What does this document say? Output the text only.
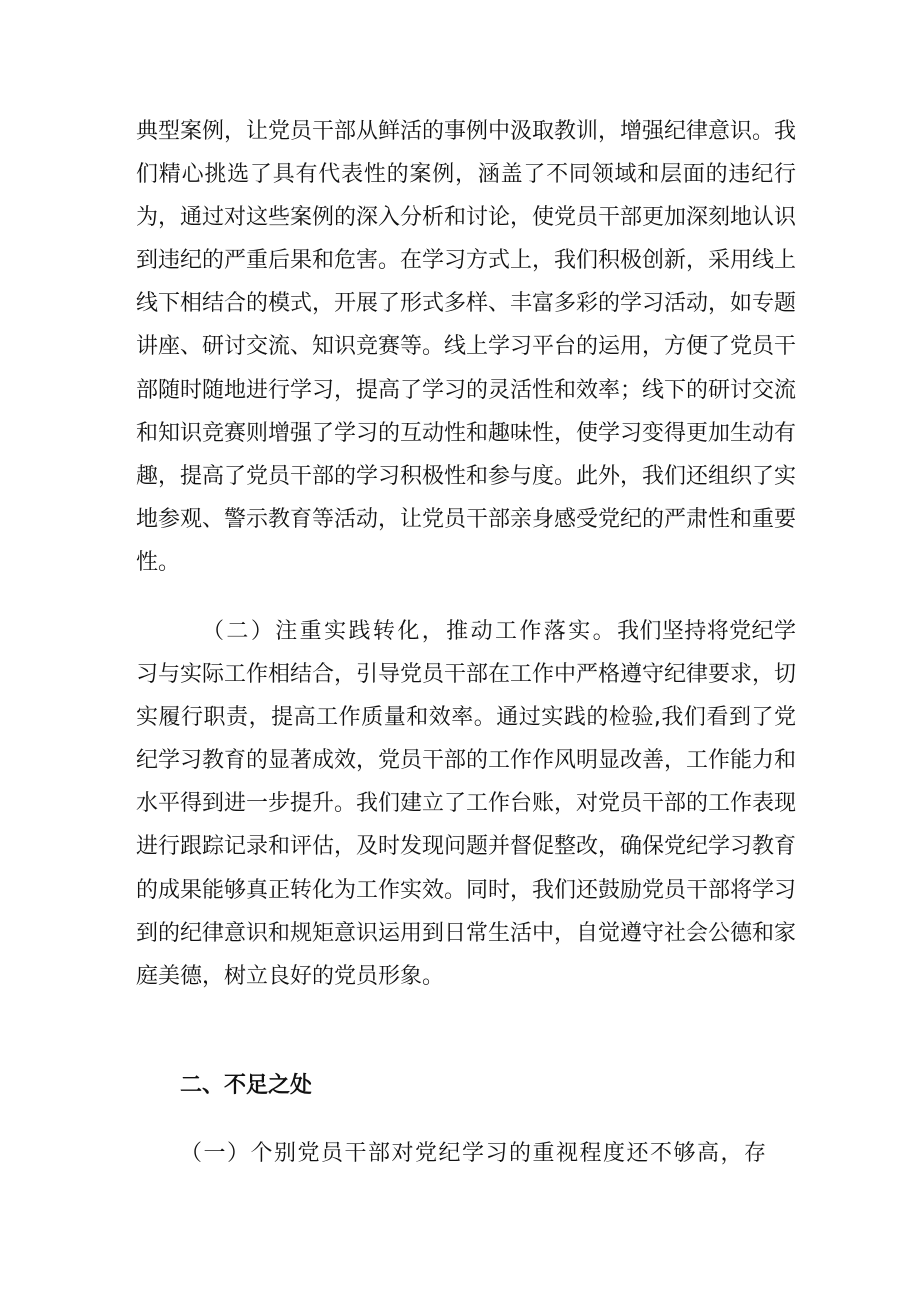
典型案例，让党员干部从鲜活的事例中汲取教训，增强纪律意识。我们精心挑选了具有代表性的案例，涵盖了不同领域和层面的违纪行为，通过对这些案例的深入分析和讨论，使党员干部更加深刻地认识到违纪的严重后果和危害。在学习方式上，我们积极创新，采用线上线下相结合的模式，开展了形式多样、丰富多彩的学习活动，如专题讲座、研讨交流、知识竞赛等。线上学习平台的运用，方便了党员干部随时随地进行学习，提高了学习的灵活性和效率；线下的研讨交流和知识竞赛则增强了学习的互动性和趣味性，使学习变得更加生动有趣，提高了党员干部的学习积极性和参与度。此外，我们还组织了实地参观、警示教育等活动，让党员干部亲身感受党纪的严肃性和重要性。

（二）注重实践转化，推动工作落实。我们坚持将党纪学习与实际工作相结合，引导党员干部在工作中严格遵守纪律要求，切实履行职责，提高工作质量和效率。通过实践的检验,我们看到了党纪学习教育的显著成效，党员干部的工作作风明显改善，工作能力和水平得到进一步提升。我们建立了工作台账，对党员干部的工作表现进行跟踪记录和评估，及时发现问题并督促整改，确保党纪学习教育的成果能够真正转化为工作实效。同时，我们还鼓励党员干部将学习到的纪律意识和规矩意识运用到日常生活中，自觉遵守社会公德和家庭美德，树立良好的党员形象。

二、不足之处

（一）个别党员干部对党纪学习的重视程度还不够高，存
